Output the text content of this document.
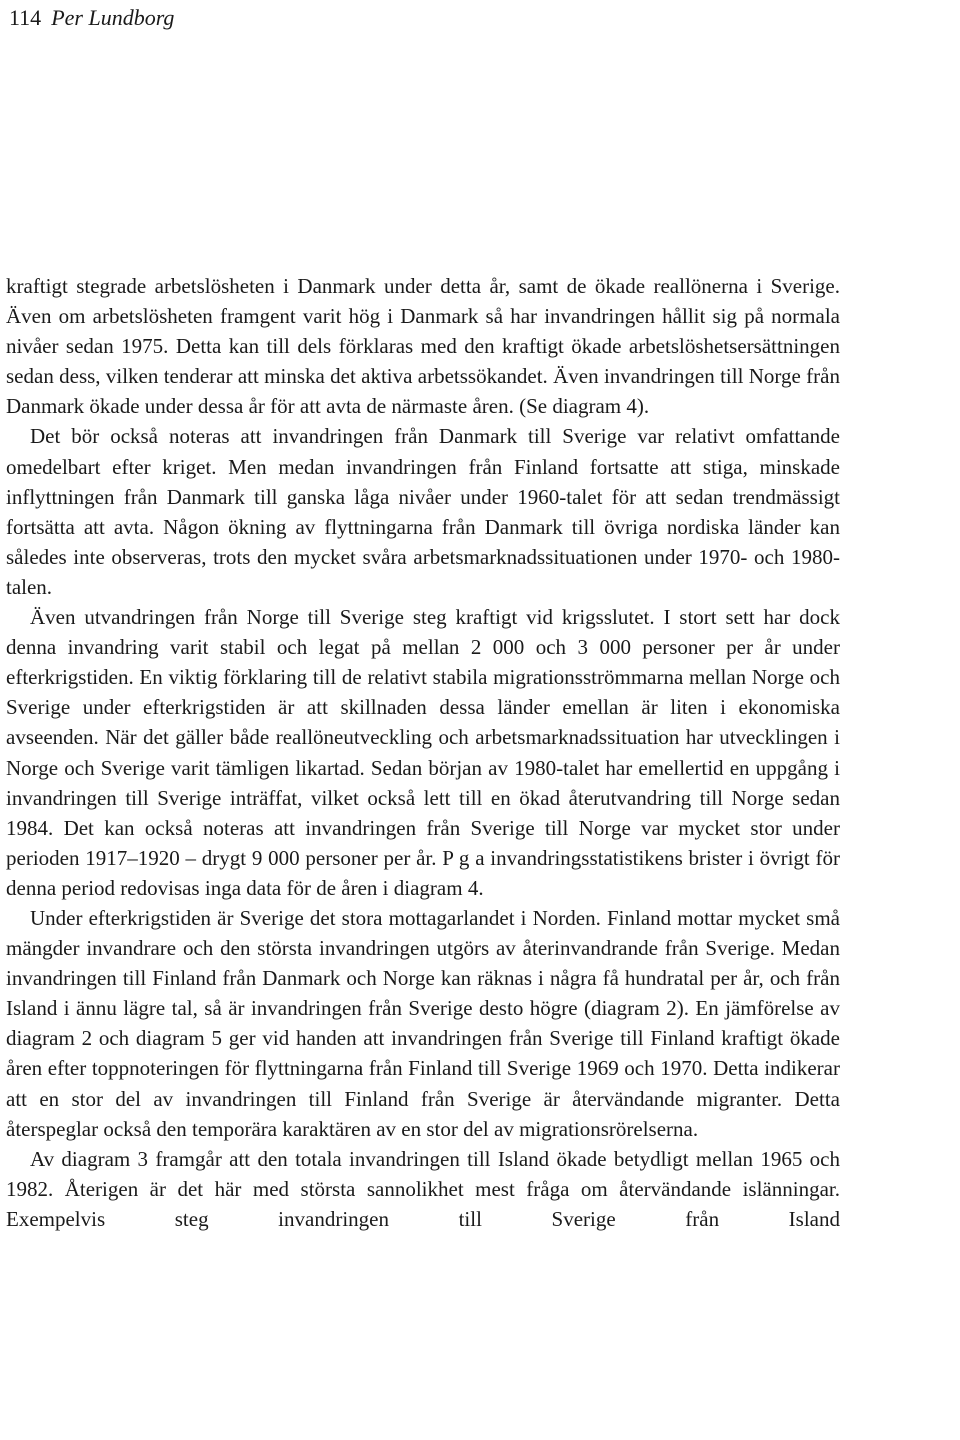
114 Per Lundborg

kraftigt stegrade arbetslösheten i Danmark under detta år, samt de ökade reallönerna i Sverige. Även om arbetslösheten framgent varit hög i Danmark så har invandringen hållit sig på normala nivåer sedan 1975. Detta kan till dels förklaras med den kraftigt ökade arbetslöshetsersättningen sedan dess, vilken tenderar att minska det aktiva arbetssökandet. Även invandringen till Norge från Danmark ökade under dessa år för att avta de närmaste åren. (Se diagram 4).

Det bör också noteras att invandringen från Danmark till Sverige var relativt omfattande omedelbart efter kriget. Men medan invandringen från Finland fortsatte att stiga, minskade inflyttningen från Danmark till ganska låga nivåer under 1960-talet för att sedan trendmässigt fortsätta att avta. Någon ökning av flyttningarna från Danmark till övriga nordiska länder kan således inte observeras, trots den mycket svåra arbetsmarknadssituationen under 1970- och 1980-talen.

Även utvandringen från Norge till Sverige steg kraftigt vid krigsslutet. I stort sett har dock denna invandring varit stabil och legat på mellan 2 000 och 3 000 personer per år under efterkrigstiden. En viktig förklaring till de relativt stabila migrationsströmmarna mellan Norge och Sverige under efterkrigstiden är att skillnaden dessa länder emellan är liten i ekonomiska avseenden. När det gäller både reallöneutveckling och arbetsmarknadssituation har utvecklingen i Norge och Sverige varit tämligen likartad. Sedan början av 1980-talet har emellertid en uppgång i invandringen till Sverige inträffat, vilket också lett till en ökad återutvandring till Norge sedan 1984. Det kan också noteras att invandringen från Sverige till Norge var mycket stor under perioden 1917–1920 – drygt 9 000 personer per år. P g a invandringsstatistikens brister i övrigt för denna period redovisas inga data för de åren i diagram 4.

Under efterkrigstiden är Sverige det stora mottagarlandet i Norden. Finland mottar mycket små mängder invandrare och den största invandringen utgörs av återinvandrande från Sverige. Medan invandringen till Finland från Danmark och Norge kan räknas i några få hundratal per år, och från Island i ännu lägre tal, så är invandringen från Sverige desto högre (diagram 2). En jämförelse av diagram 2 och diagram 5 ger vid handen att invandringen från Sverige till Finland kraftigt ökade åren efter toppnoteringen för flyttningarna från Finland till Sverige 1969 och 1970. Detta indikerar att en stor del av invandringen till Finland från Sverige är återvändande migranter. Detta återspeglar också den temporära karaktären av en stor del av migrationsrörelserna.

Av diagram 3 framgår att den totala invandringen till Island ökade betydligt mellan 1965 och 1982. Återigen är det här med största sannolikhet mest fråga om återvändande islänningar. Exempelvis steg invandringen till Sverige från Island
